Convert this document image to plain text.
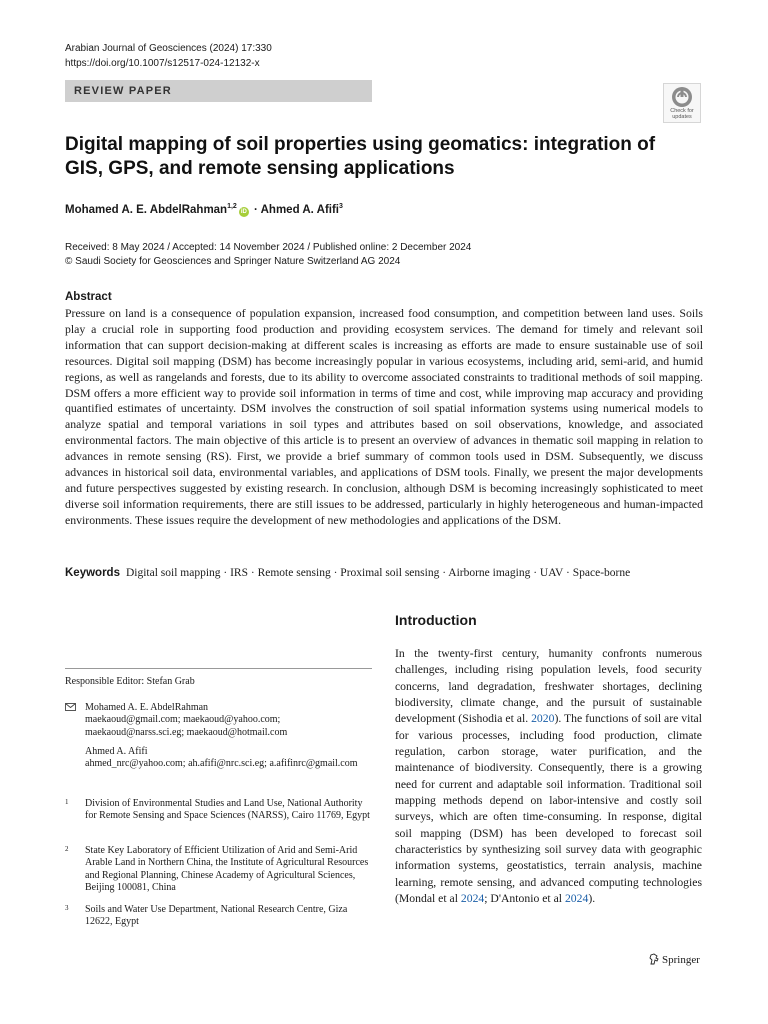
Arabian Journal of Geosciences (2024) 17:330
https://doi.org/10.1007/s12517-024-12132-x
REVIEW PAPER
Check for
updates
Digital mapping of soil properties using geomatics: integration of GIS, GPS, and remote sensing applications
Mohamed A. E. AbdelRahman$^{1,2}$iD · Ahmed A. Afifi$^3$
Received: 8 May 2024 / Accepted: 14 November 2024 / Published online: 2 December 2024
© Saudi Society for Geosciences and Springer Nature Switzerland AG 2024
Abstract

Pressure on land is a consequence of population expansion, increased food consumption, and competition between land uses. Soils play a crucial role in supporting food production and providing ecosystem services. The demand for timely and relevant soil information that can support decision-making at different scales is increasing as efforts are made to ensure sustainable use of soil resources. Digital soil mapping (DSM) has become increasingly popular in various ecosystems, including arid, semi-arid, and humid regions, as well as rangelands and forests, due to its ability to overcome associated constraints to traditional methods of soil mapping. DSM offers a more efficient way to provide soil information in terms of time and cost, while improving map accuracy and providing quantified estimates of uncertainty. DSM involves the construction of soil spatial information systems using numerical models to analyze spatial and temporal variations in soil types and attributes based on soil observations, knowledge, and associated environmental factors. The main objective of this article is to present an overview of advances in thematic soil mapping in relation to advances in remote sensing (RS). First, we provide a brief summary of common tools used in DSM. Subsequently, we discuss advances in historical soil data, environmental variables, and applications of DSM tools. Finally, we present the major developments and future perspectives suggested by existing research. In conclusion, although DSM is becoming increasingly sophisticated to meet diverse soil information requirements, there are still issues to be addressed, particularly in highly heterogeneous and human-impacted environments. These issues require the development of new methodologies and applications of the DSM.

Keywords Digital soil mapping · IRS · Remote sensing · Proximal soil sensing · Airborne imaging · UAV · Space-borne
Responsible Editor: Stefan Grab
Mohamed A. E. AbdelRahman
maekaoud@gmail.com; maekaoud@yahoo.com; maekaoud@narss.sci.eg; maekaoud@hotmail.com
Ahmed A. Afifi
ahmed_nrc@yahoo.com; ah.afifi@nrc.sci.eg; a.afifinrc@gmail.com
1 Division of Environmental Studies and Land Use, National Authority for Remote Sensing and Space Sciences (NARSS), Cairo 11769, Egypt
2 State Key Laboratory of Efficient Utilization of Arid and Semi-Arid Arable Land in Northern China, the Institute of Agricultural Resources and Regional Planning, Chinese Academy of Agricultural Sciences, Beijing 100081, China
3 Soils and Water Use Department, National Research Centre, Giza 12622, Egypt
Introduction

In the twenty-first century, humanity confronts numerous challenges, including rising population levels, food security concerns, land degradation, freshwater shortages, declining biodiversity, climate change, and the pursuit of sustainable development (Sishodia et al. 2020). The functions of soil are vital for various processes, including food production, climate regulation, carbon storage, water purification, and the maintenance of biodiversity. Consequently, there is a growing need for current and adaptable soil information. Traditional soil mapping methods depend on labor-intensive and costly soil surveys, which are often time-consuming. In response, digital soil mapping (DSM) has been developed to forecast soil characteristics by synthesizing soil survey data with geographic information systems, geostatistics, terrain analysis, machine learning, remote sensing, and advanced computing technologies (Mondal et al 2024; D'Antonio et al 2024).

Springer
